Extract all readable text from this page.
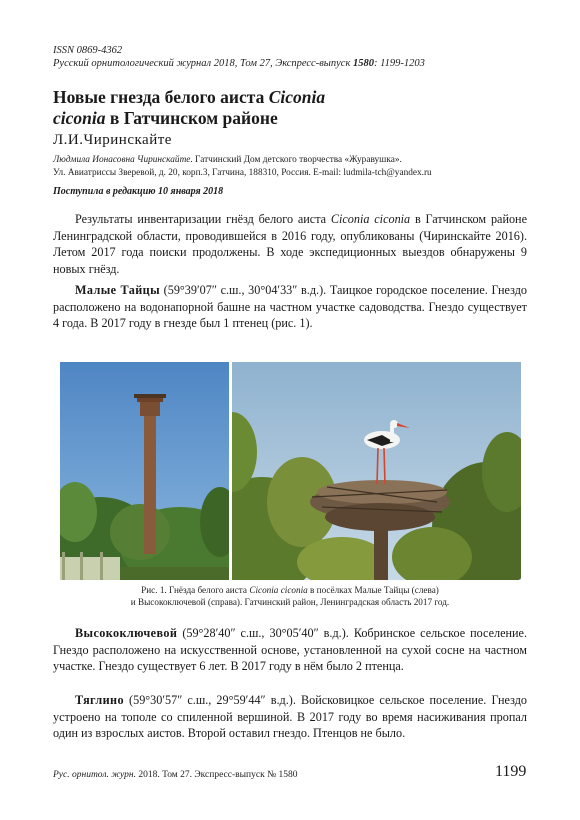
ISSN 0869-4362
Русский орнитологический журнал 2018, Том 27, Экспресс-выпуск 1580: 1199-1203
Новые гнезда белого аиста Ciconia
ciconia в Гатчинском районе
Л.И.Чиринскайте
Людмила Ионасовна Чиринскайте. Гатчинский Дом детского творчества «Журавушка».
Ул. Авиатриссы Зверевой, д. 20, корп.3, Гатчина, 188310, Россия. E-mail: ludmila-tch@yandex.ru
Поступила в редакцию 10 января 2018
Результаты инвентаризации гнёзд белого аиста Ciconia ciconia в Гатчинском районе Ленинградской области, проводившейся в 2016 году, опубликованы (Чиринскайте 2016). Летом 2017 года поиски продолжены. В ходе экспедиционных выездов обнаружены 9 новых гнёзд.
Малые Тайцы (59°39′07″ с.ш., 30°04′33″ в.д.). Таицкое городское поселение. Гнездо расположено на водонапорной башне на частном участке садоводства. Гнездо существует 4 года. В 2017 году в гнезде был 1 птенец (рис. 1).
Рис. 1. Гнёзда белого аиста Ciconia ciconia в посёлках Малые Тайцы (слева)
и Высокоключевой (справа). Гатчинский район, Ленинградская область 2017 год.
Высокоключевой (59°28′40″ с.ш., 30°05′40″ в.д.). Кобринское сельское поселение. Гнездо расположено на искусственной основе, установленной на сухой сосне на частном участке. Гнездо существует 6 лет. В 2017 году в нём было 2 птенца.
Тяглино (59°30′57″ с.ш., 29°59′44″ в.д.). Войсковицкое сельское поселение. Гнездо устроено на тополе со спиленной вершиной. В 2017 году во время насиживания пропал один из взрослых аистов. Второй оставил гнездо. Птенцов не было.
Рус. орнитол. журн. 2018. Том 27. Экспресс-выпуск № 1580	1199
